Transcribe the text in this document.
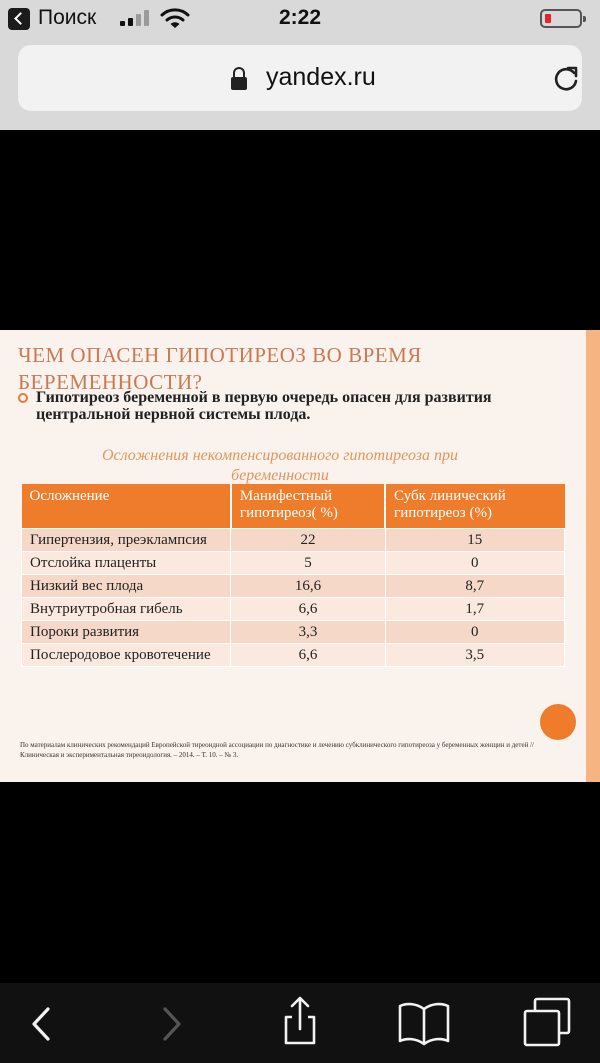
Поиск	2:22
yandex.ru
ЧЕМ ОПАСЕН ГИПОТИРЕОЗ ВО ВРЕМЯ БЕРЕМЕННОСТИ?
Гипотиреоз беременной в первую очередь опасен для развития центральной нервной системы плода.
Осложнения некомпенсированного гипотиреоза при беременности
Осложнение	Манифестный гипотиреоз( %)	Субк линический гипотиреоз (%)
Гипертензия, преэклампсия	22	15
Отслойка плаценты	5	0
Низкий вес плода	16,6	8,7
Внутриутробная гибель	6,6	1,7
Пороки развития	3,3	0
Послеродовое кровотечение	6,6	3,5
По материалам клинических рекомендаций Европейской тиреоидной ассоциации по диагностике и лечению субклинического гипотиреоза у беременных женщин и детей // Клиническая и экспериментальная тиреоидология. – 2014. – Т. 10. – № 3.
